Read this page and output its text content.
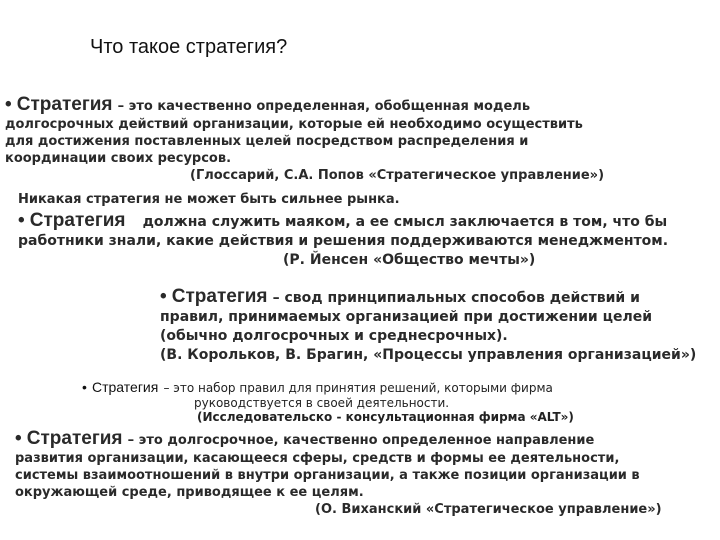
Что такое стратегия?
• Стратегия – это качественно определенная, обобщенная модель
долгосрочных действий организации, которые ей необходимо осуществить
для достижения поставленных целей посредством распределения и
координации своих ресурсов.
(Глоссарий, С.А. Попов «Стратегическое управление»)
Никакая стратегия не может быть сильнее рынка.
• Стратегия должна служить маяком, а ее смысл заключается в том, что бы
работники знали, какие действия и решения поддерживаются менеджментом.
(Р. Йенсен «Общество мечты»)
• Стратегия – свод принципиальных способов действий и
правил, принимаемых организацией при достижении целей
(обычно долгосрочных и среднесрочных).
(В. Корольков, В. Брагин, «Процессы управления организацией»)
• Стратегия – это набор правил для принятия решений, которыми фирма
руководствуется в своей деятельности.
(Исследовательско - консультационная фирма «ALT»)
• Стратегия – это долгосрочное, качественно определенное направление
развития организации, касающееся сферы, средств и формы ее деятельности,
системы взаимоотношений в внутри организации, а также позиции организации в
окружающей среде, приводящее к ее целям.
(О. Виханский «Стратегическое управление»)
